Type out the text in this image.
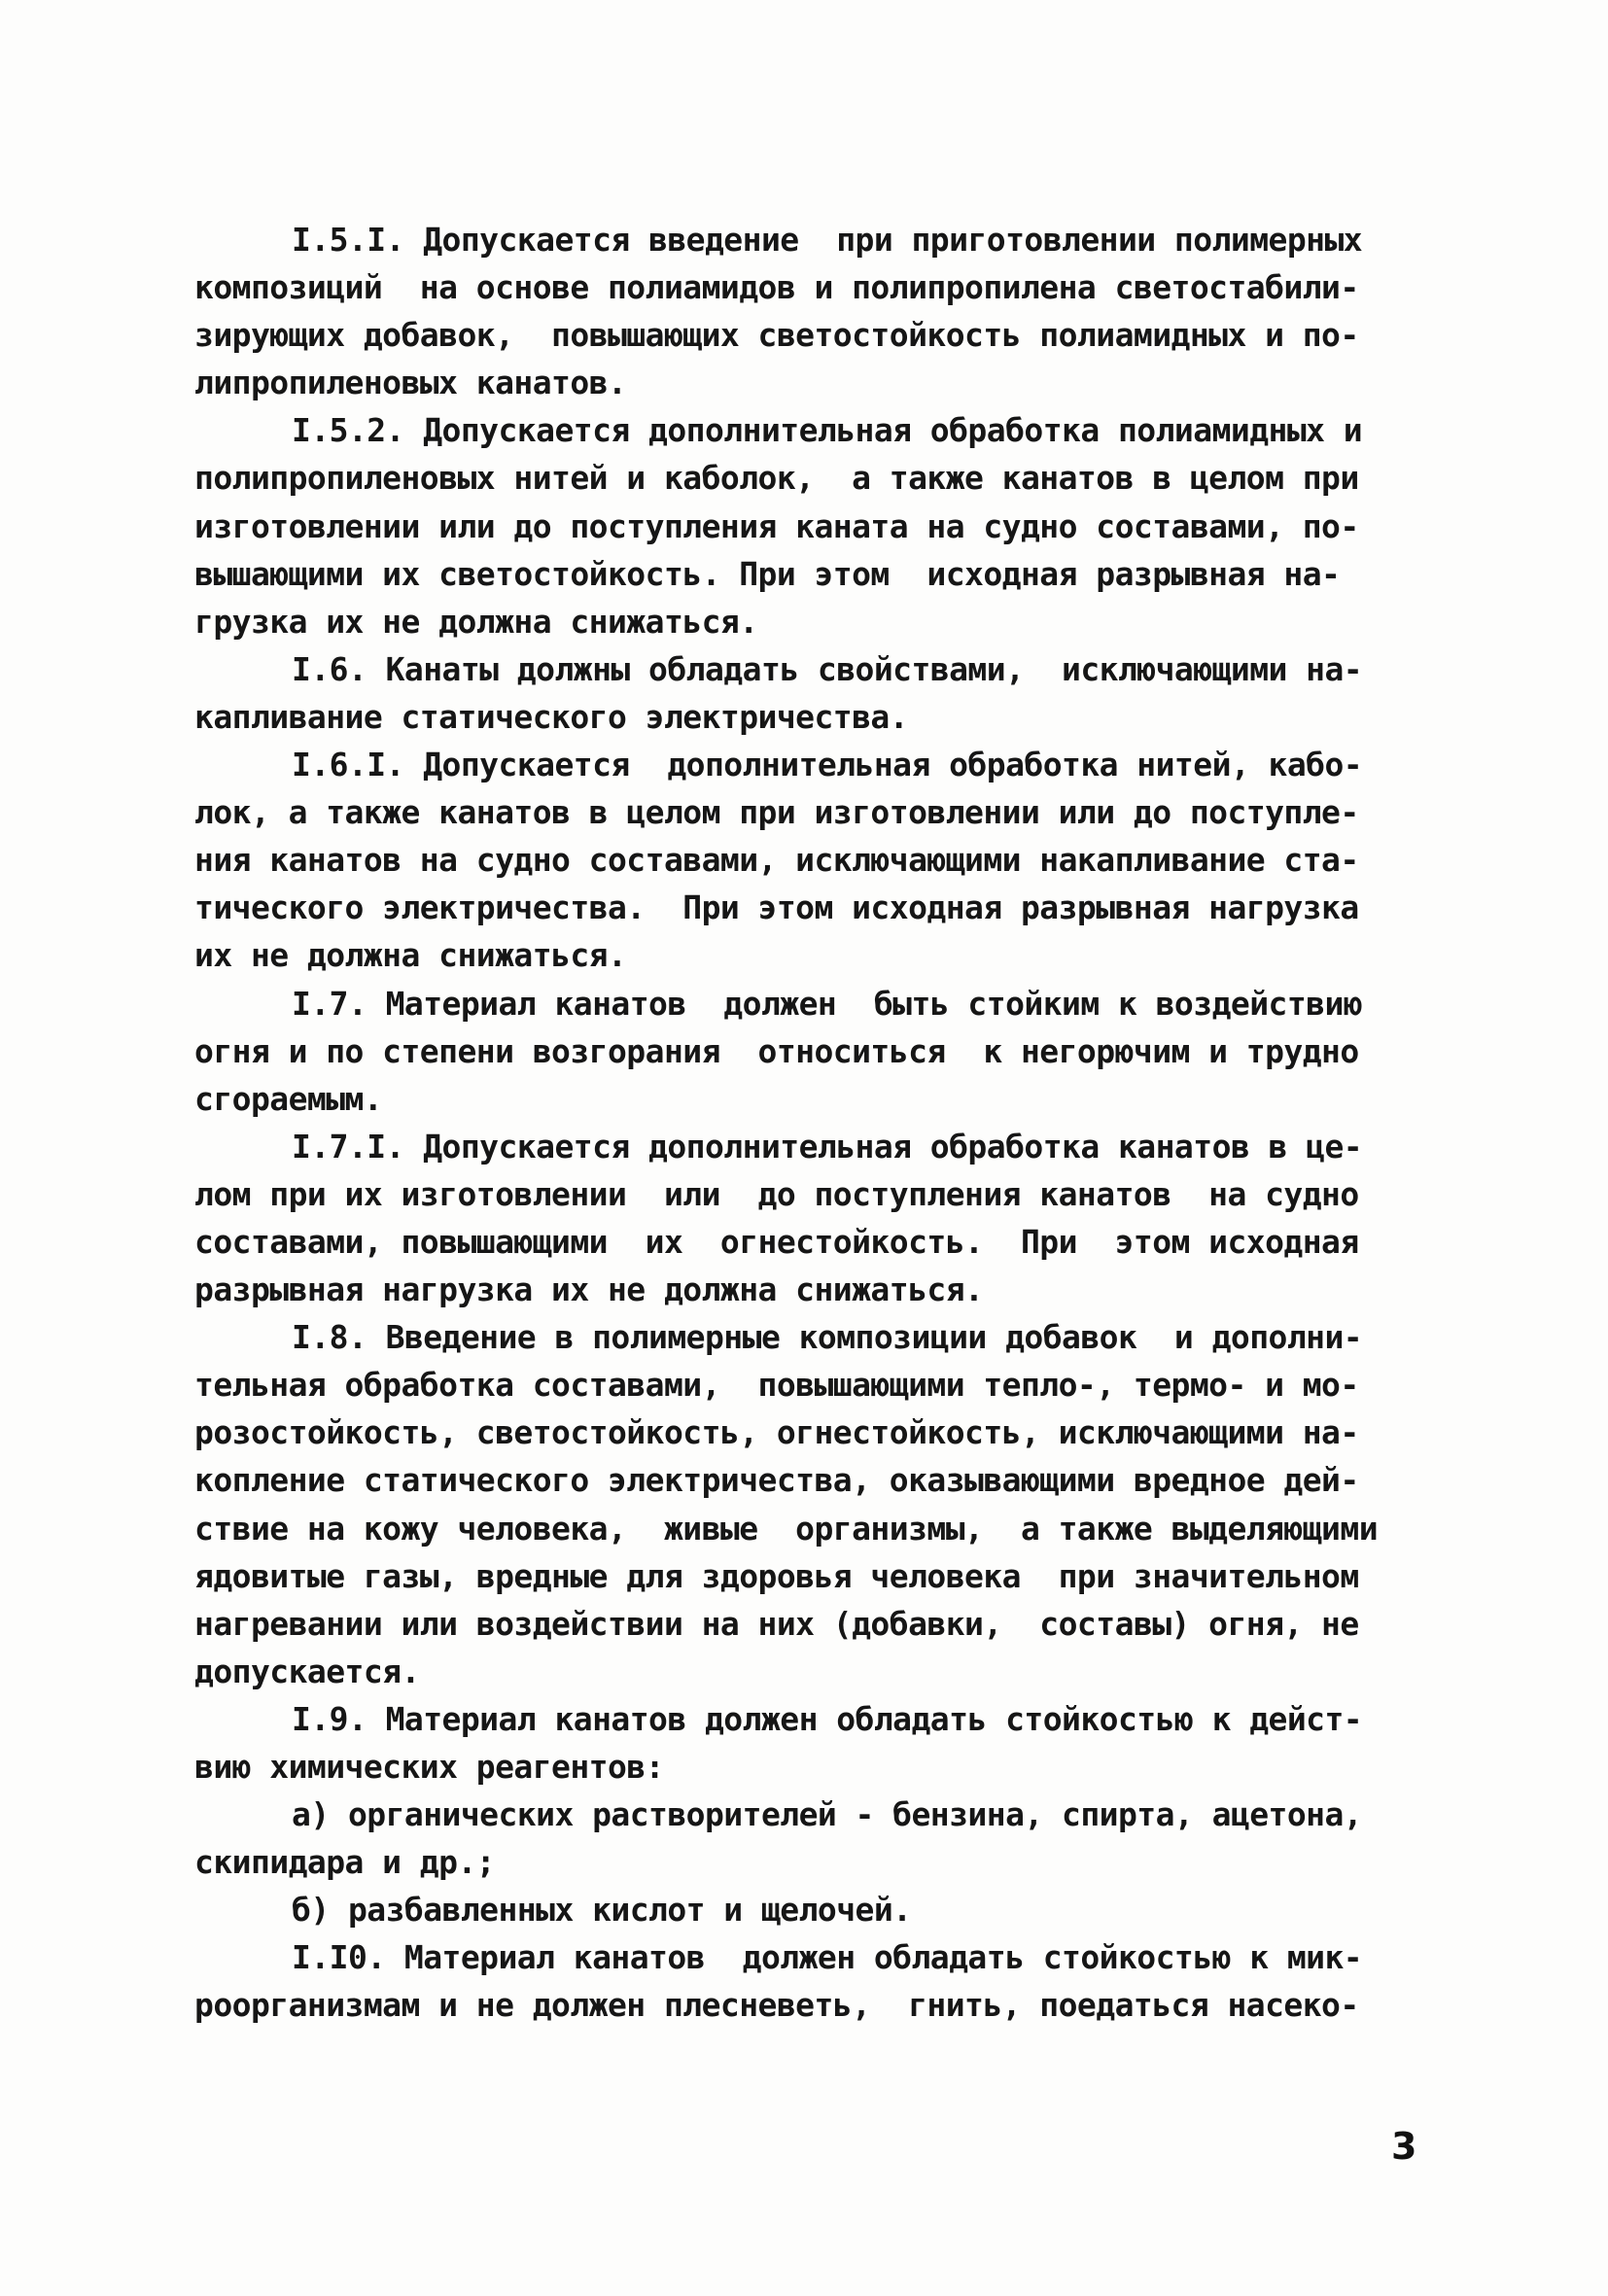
I.5.I. Допускается введение  при приготовлении полимерных
композиций  на основе полиамидов и полипропилена светостабили-
зирующих добавок,  повышающих светостойкость полиамидных и по-
липропиленовых канатов.
I.5.2. Допускается дополнительная обработка полиамидных и
полипропиленовых нитей и каболок,  а также канатов в целом при
изготовлении или до поступления каната на судно составами, по-
вышающими их светостойкость. При этом  исходная разрывная на-
грузка их не должна снижаться.
I.6. Канаты должны обладать свойствами,  исключающими на-
капливание статического электричества.
I.6.I. Допускается  дополнительная обработка нитей, кабо-
лок, а также канатов в целом при изготовлении или до поступле-
ния канатов на судно составами, исключающими накапливание ста-
тического электричества.  При этом исходная разрывная нагрузка
их не должна снижаться.
I.7. Материал канатов  должен  быть стойким к воздействию
огня и по степени возгорания  относиться  к негорючим и трудно
сгораемым.
I.7.I. Допускается дополнительная обработка канатов в це-
лом при их изготовлении  или  до поступления канатов  на судно
составами, повышающими  их  огнестойкость.  При  этом исходная
разрывная нагрузка их не должна снижаться.
I.8. Введение в полимерные композиции добавок  и дополни-
тельная обработка составами,  повышающими тепло-, термо- и мо-
розостойкость, светостойкость, огнестойкость, исключающими на-
копление статического электричества, оказывающими вредное дей-
ствие на кожу человека,  живые  организмы,  а также выделяющими
ядовитые газы, вредные для здоровья человека  при значительном
нагревании или воздействии на них (добавки,  составы) огня, не
допускается.
I.9. Материал канатов должен обладать стойкостью к дейст-
вию химических реагентов:
а) органических растворителей - бензина, спирта, ацетона,
скипидара и др.;
б) разбавленных кислот и щелочей.
I.I0. Материал канатов  должен обладать стойкостью к мик-
роорганизмам и не должен плесневеть,  гнить, поедаться насеко-
3
